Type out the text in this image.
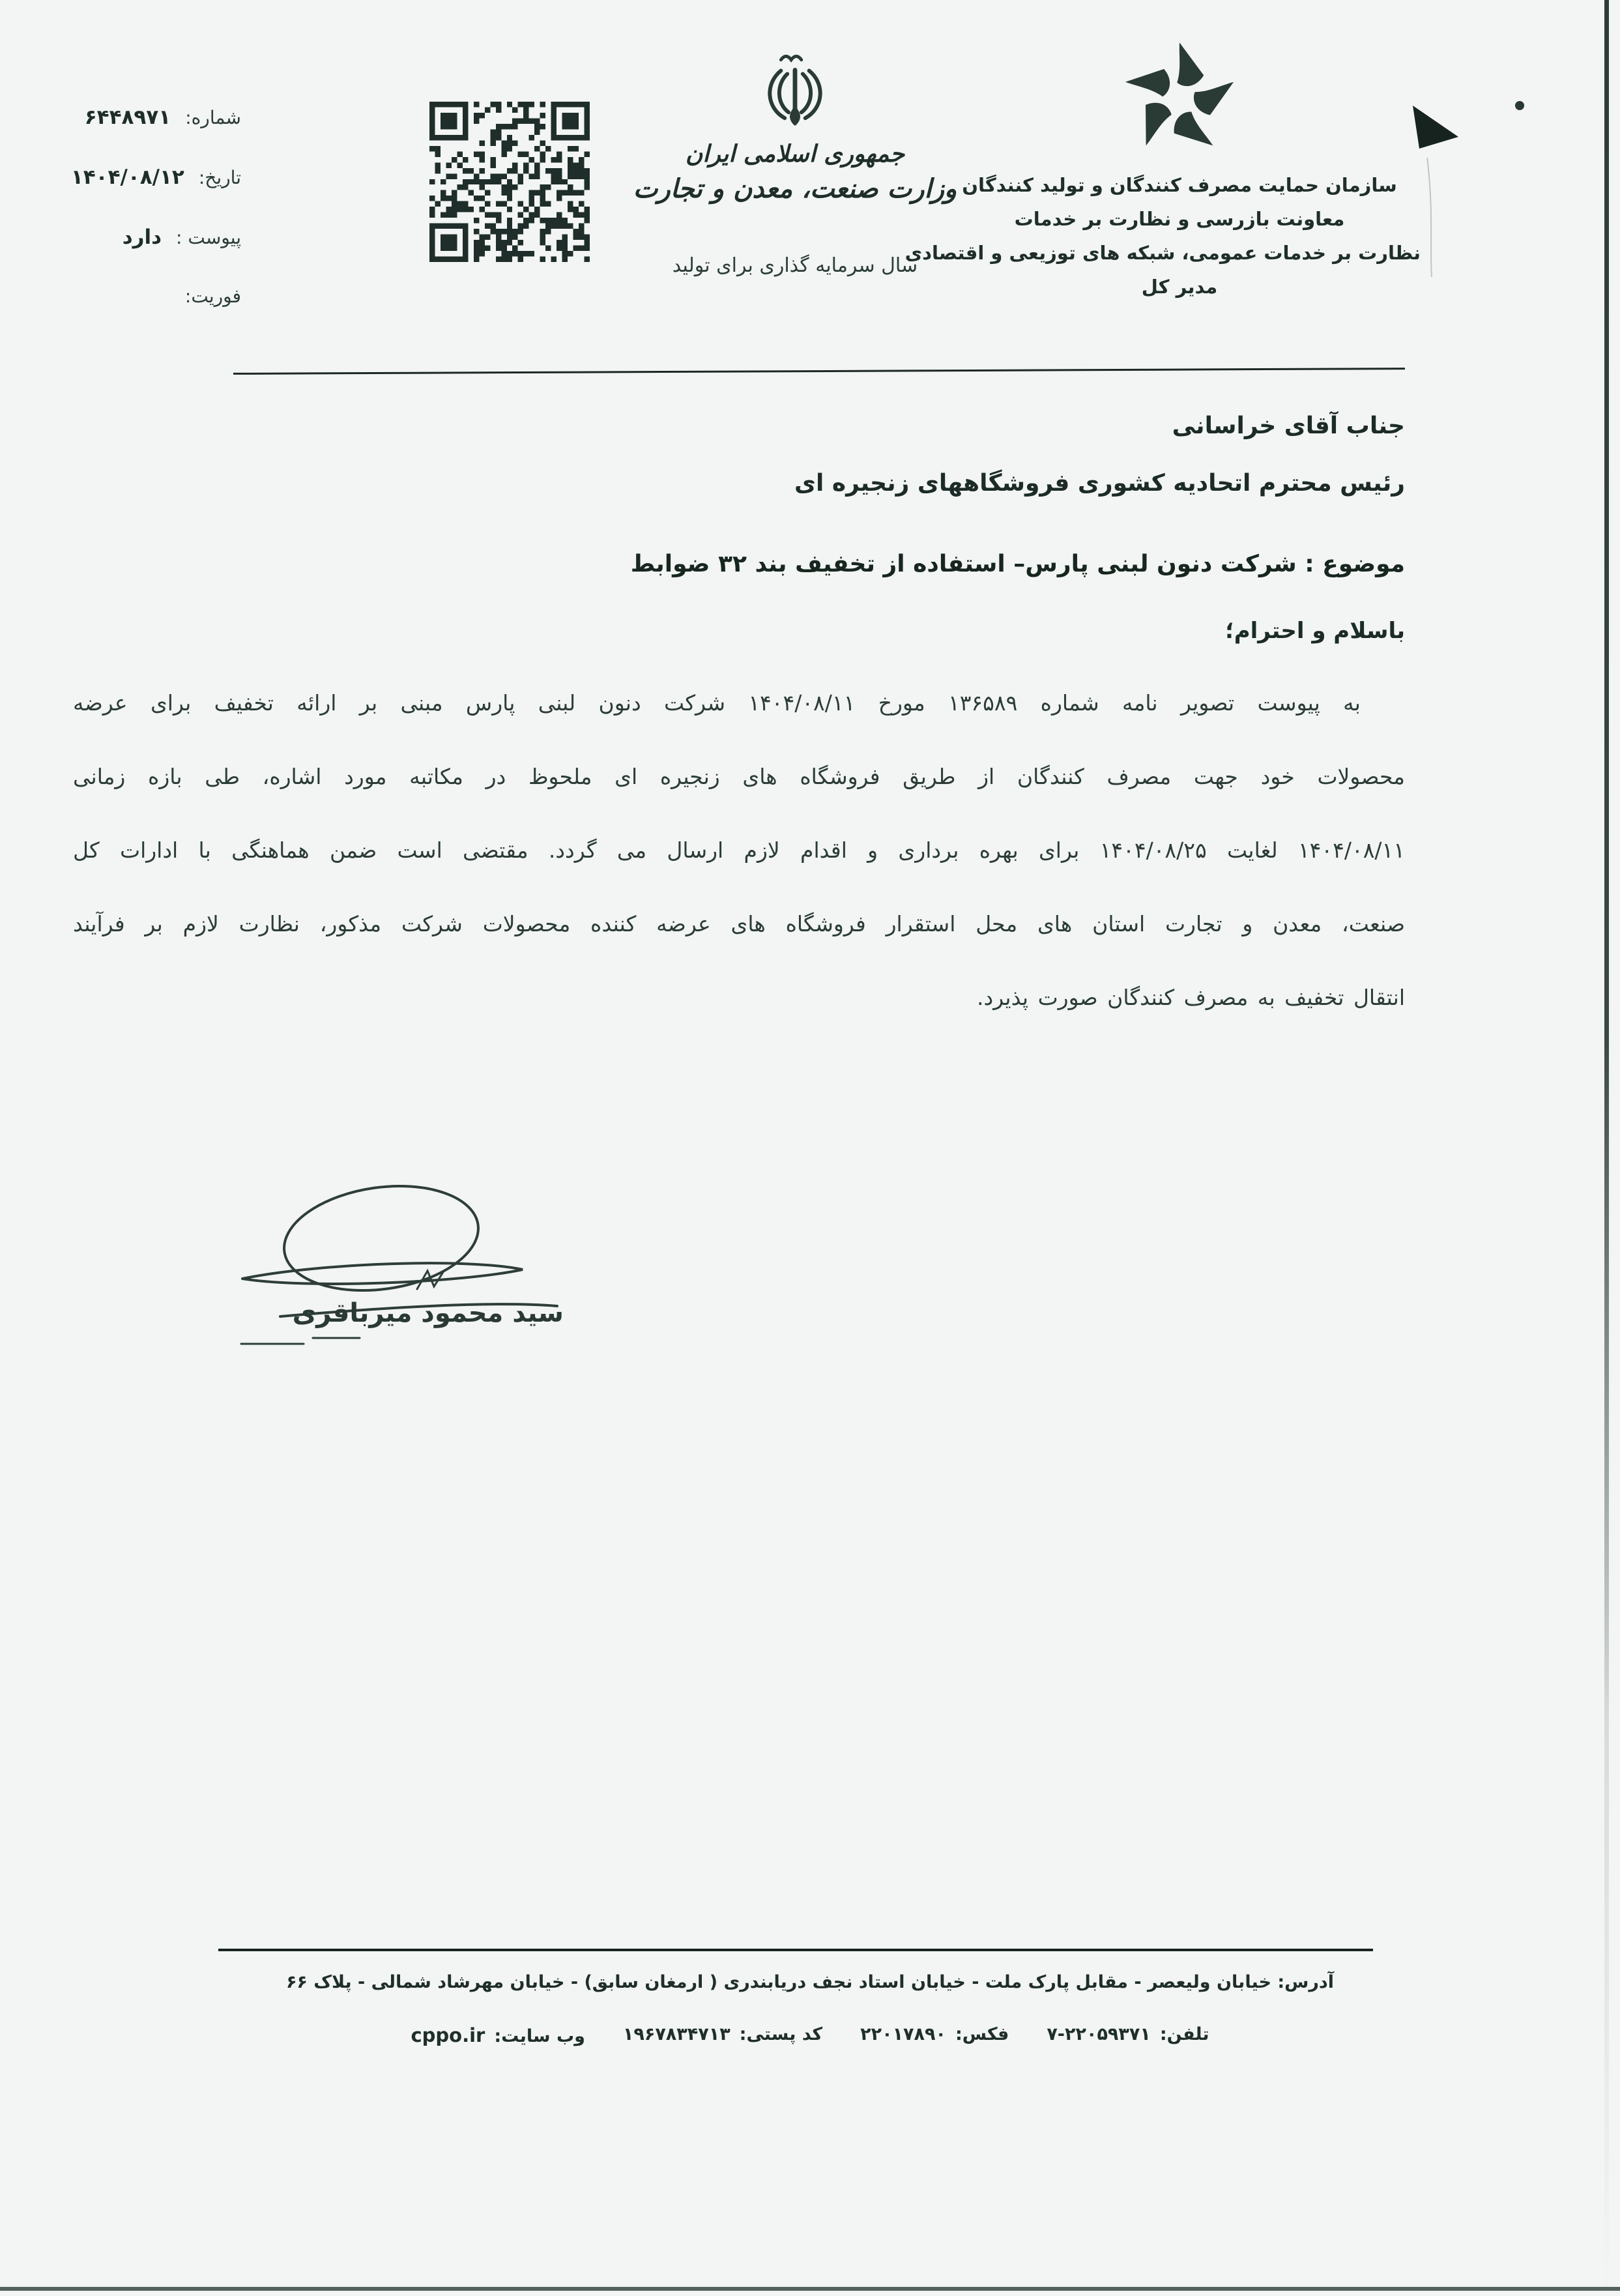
شماره:
۶۴۴۸۹۷۱
تاریخ:
۱۴۰۴/۰۸/۱۲
پیوست :
دارد
فوریت:
جمهوری اسلامی ایران
وزارت صنعت، معدن و تجارت
سال سرمایه گذاری برای تولید
سازمان حمایت مصرف کنندگان و تولید کنندگان
معاونت بازرسی و نظارت بر خدمات
نظارت بر خدمات عمومی، شبکه های توزیعی و اقتصادی
مدیر کل
جناب آقای خراسانی
رئیس محترم اتحادیه کشوری فروشگاههای زنجیره ای
موضوع : شرکت دنون لبنی پارس– استفاده از تخفیف بند ۳۲ ضوابط
باسلام و احترام؛
به پیوست تصویر نامه شماره ۱۳۶۵۸۹ مورخ ۱۴۰۴/۰۸/۱۱ شرکت دنون لبنی پارس مبنی بر ارائه تخفیف برای عرضه
محصولات خود جهت مصرف کنندگان از طریق فروشگاه های زنجیره ای ملحوظ در مکاتبه مورد اشاره، طی بازه زمانی
۱۴۰۴/۰۸/۱۱ لغایت ۱۴۰۴/۰۸/۲۵ برای بهره برداری و اقدام لازم ارسال می گردد. مقتضی است ضمن هماهنگی با ادارات کل
صنعت، معدن و تجارت استان های محل استقرار فروشگاه های عرضه کننده محصولات شرکت مذکور، نظارت لازم بر فرآیند
انتقال تخفیف به مصرف کنندگان صورت پذیرد.
سید محمود میرباقری
آدرس: خیابان ولیعصر - مقابل پارک ملت - خیابان استاد نجف دریابندری ( ارمغان سابق) - خیابان مهرشاد شمالی - پلاک ۶۶
تلفن:
۷-۲۲۰۵۹۳۷۱
فکس:
۲۲۰۱۷۸۹۰
کد پستی:
۱۹۶۷۸۳۴۷۱۳
وب سایت:
cppo.ir
